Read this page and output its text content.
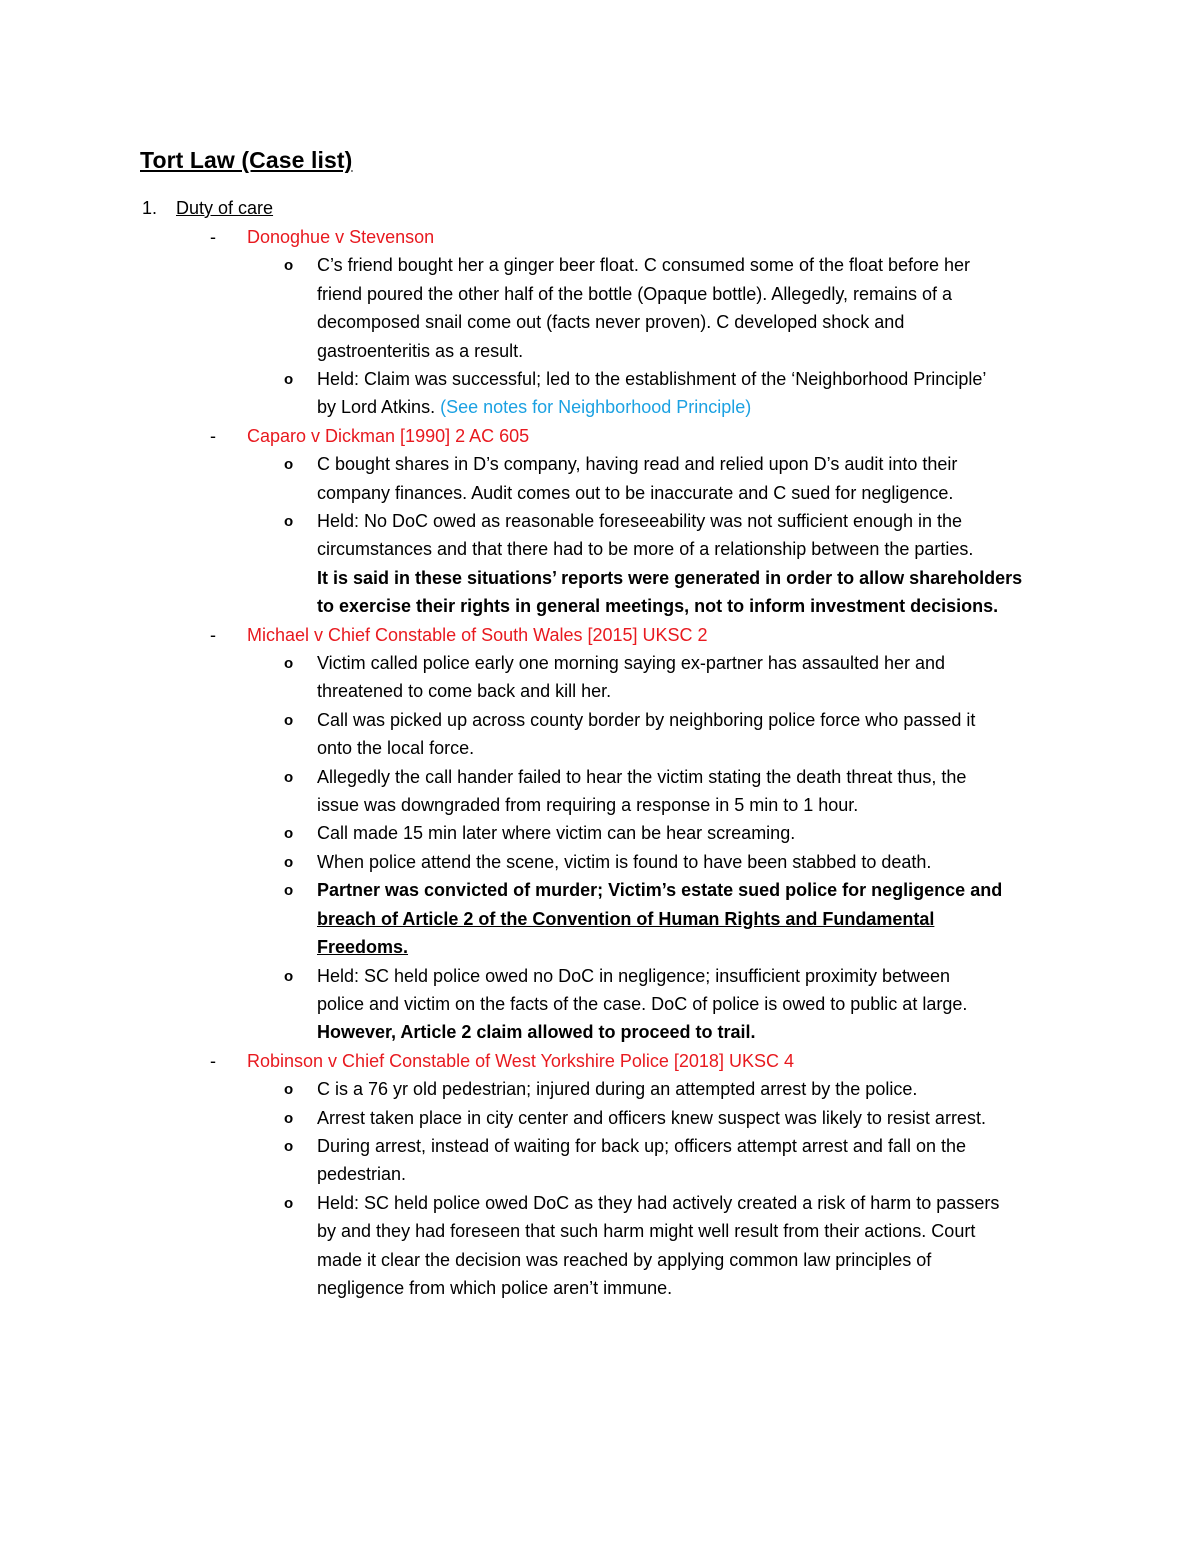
Tort Law (Case list)
1. Duty of care
-	Donoghue v Stevenson
o C’s friend bought her a ginger beer float. C consumed some of the float before her
friend poured the other half of the bottle (Opaque bottle). Allegedly, remains of a
decomposed snail come out (facts never proven). C developed shock and
gastroenteritis as a result.
o Held: Claim was successful; led to the establishment of the ‘Neighborhood Principle’
by Lord Atkins. (See notes for Neighborhood Principle)
-	Caparo v Dickman [1990] 2 AC 605
o C bought shares in D’s company, having read and relied upon D’s audit into their
company finances. Audit comes out to be inaccurate and C sued for negligence.
o Held: No DoC owed as reasonable foreseeability was not sufficient enough in the
circumstances and that there had to be more of a relationship between the parties.
It is said in these situations’ reports were generated in order to allow shareholders
to exercise their rights in general meetings, not to inform investment decisions.
-	Michael v Chief Constable of South Wales [2015] UKSC 2
o Victim called police early one morning saying ex-partner has assaulted her and
threatened to come back and kill her.
o Call was picked up across county border by neighboring police force who passed it
onto the local force.
o Allegedly the call hander failed to hear the victim stating the death threat thus, the
issue was downgraded from requiring a response in 5 min to 1 hour.
o Call made 15 min later where victim can be hear screaming.
o When police attend the scene, victim is found to have been stabbed to death.
o Partner was convicted of murder; Victim’s estate sued police for negligence and
breach of Article 2 of the Convention of Human Rights and Fundamental
Freedoms.
o Held: SC held police owed no DoC in negligence; insufficient proximity between
police and victim on the facts of the case. DoC of police is owed to public at large.
However, Article 2 claim allowed to proceed to trail.
-	Robinson v Chief Constable of West Yorkshire Police [2018] UKSC 4
o C is a 76 yr old pedestrian; injured during an attempted arrest by the police.
o Arrest taken place in city center and officers knew suspect was likely to resist arrest.
o During arrest, instead of waiting for back up; officers attempt arrest and fall on the
pedestrian.
o Held: SC held police owed DoC as they had actively created a risk of harm to passers
by and they had foreseen that such harm might well result from their actions. Court
made it clear the decision was reached by applying common law principles of
negligence from which police aren’t immune.
